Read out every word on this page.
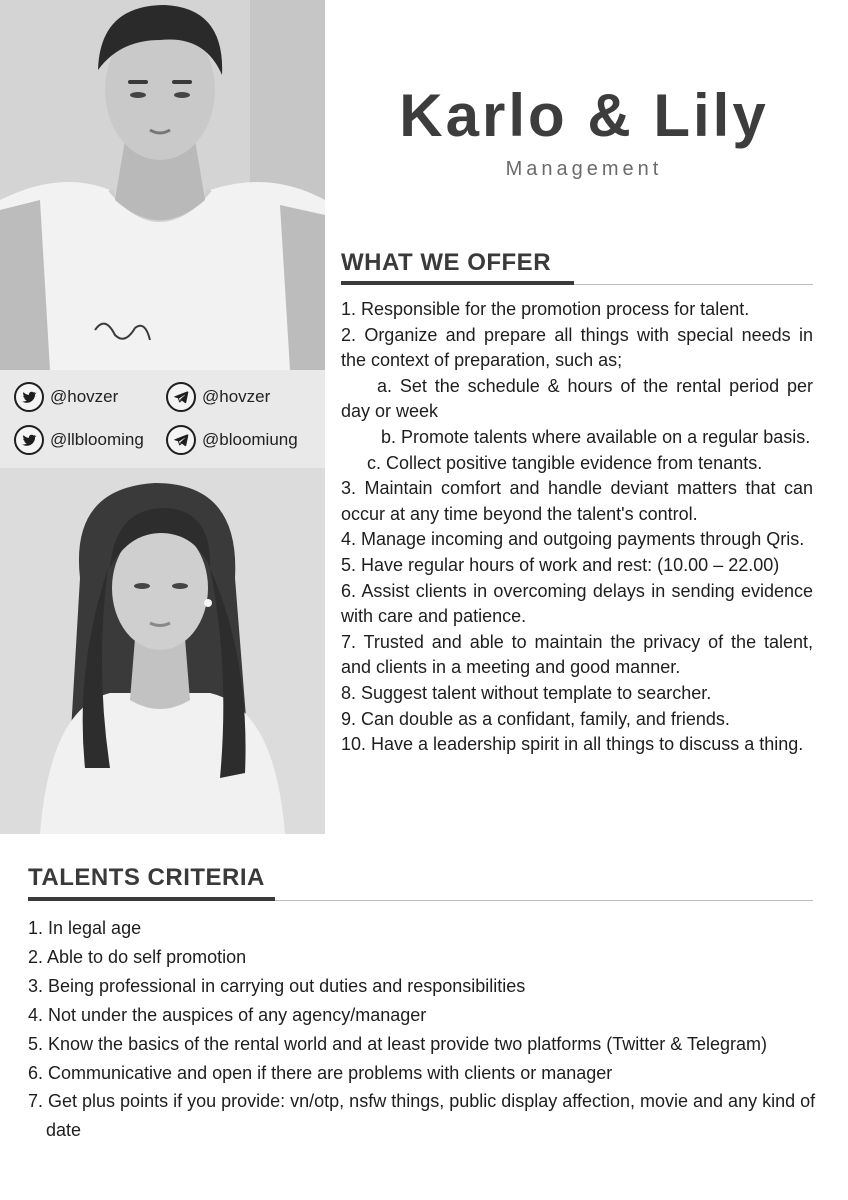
@hovzer	@hovzer
@llblooming	@bloomiung
Karlo & Lily
Management
WHAT WE OFFER

1. Responsible for the promotion process for talent.

2. Organize and prepare all things with special needs in the context of preparation, such as;

a. Set the schedule & hours of the rental period per day or week

b. Promote talents where available on a regular basis.

c. Collect positive tangible evidence from tenants.

3. Maintain comfort and handle deviant matters that can occur at any time beyond the talent's control.

4. Manage incoming and outgoing payments through Qris.

5. Have regular hours of work and rest: (10.00 – 22.00)

6. Assist clients in overcoming delays in sending evidence with care and patience.

7. Trusted and able to maintain the privacy of the talent, and clients in a meeting and good manner.

8. Suggest talent without template to searcher.

9. Can double as a confidant, family, and friends.

10. Have a leadership spirit in all things to discuss a thing.

TALENTS CRITERIA

1. In legal age

2. Able to do self promotion

3. Being professional in carrying out duties and responsibilities

4. Not under the auspices of any agency/manager

5. Know the basics of the rental world and at least provide two platforms (Twitter & Telegram)

6. Communicative and open if there are problems with clients or manager

7. Get plus points if you provide: vn/otp, nsfw things, public display affection, movie and any kind of date
